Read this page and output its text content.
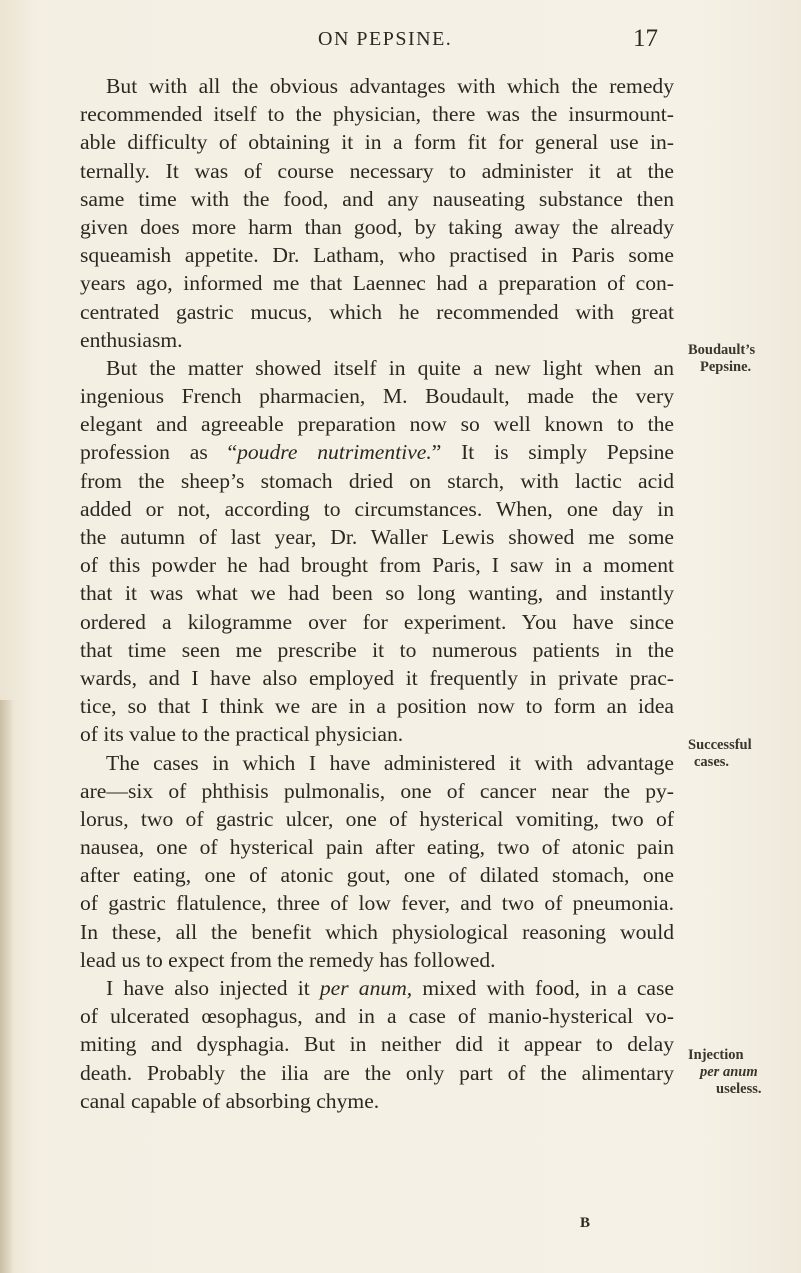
ON PEPSINE.	17
But with all the obvious advantages with which the remedy
recommended itself to the physician, there was the insurmount-
able difficulty of obtaining it in a form fit for general use in-
ternally. It was of course necessary to administer it at the
same time with the food, and any nauseating substance then
given does more harm than good, by taking away the already
squeamish appetite. Dr. Latham, who practised in Paris some
years ago, informed me that Laennec had a preparation of con-
centrated gastric mucus, which he recommended with great
enthusiasm.
But the matter showed itself in quite a new light when an
ingenious French pharmacien, M. Boudault, made the very
elegant and agreeable preparation now so well known to the
profession as “poudre nutrimentive.” It is simply Pepsine
from the sheep’s stomach dried on starch, with lactic acid
added or not, according to circumstances. When, one day in
the autumn of last year, Dr. Waller Lewis showed me some
of this powder he had brought from Paris, I saw in a moment
that it was what we had been so long wanting, and instantly
ordered a kilogramme over for experiment. You have since
that time seen me prescribe it to numerous patients in the
wards, and I have also employed it frequently in private prac-
tice, so that I think we are in a position now to form an idea
of its value to the practical physician.
The cases in which I have administered it with advantage
are—six of phthisis pulmonalis, one of cancer near the py-
lorus, two of gastric ulcer, one of hysterical vomiting, two of
nausea, one of hysterical pain after eating, two of atonic pain
after eating, one of atonic gout, one of dilated stomach, one
of gastric flatulence, three of low fever, and two of pneumonia.
In these, all the benefit which physiological reasoning would
lead us to expect from the remedy has followed.
I have also injected it per anum, mixed with food, in a case
of ulcerated œsophagus, and in a case of manio-hysterical vo-
miting and dysphagia. But in neither did it appear to delay
death. Probably the ilia are the only part of the alimentary
canal capable of absorbing chyme.
Boudault’s
Pepsine.
Successful
cases.
Injection
per anum
useless.
B
